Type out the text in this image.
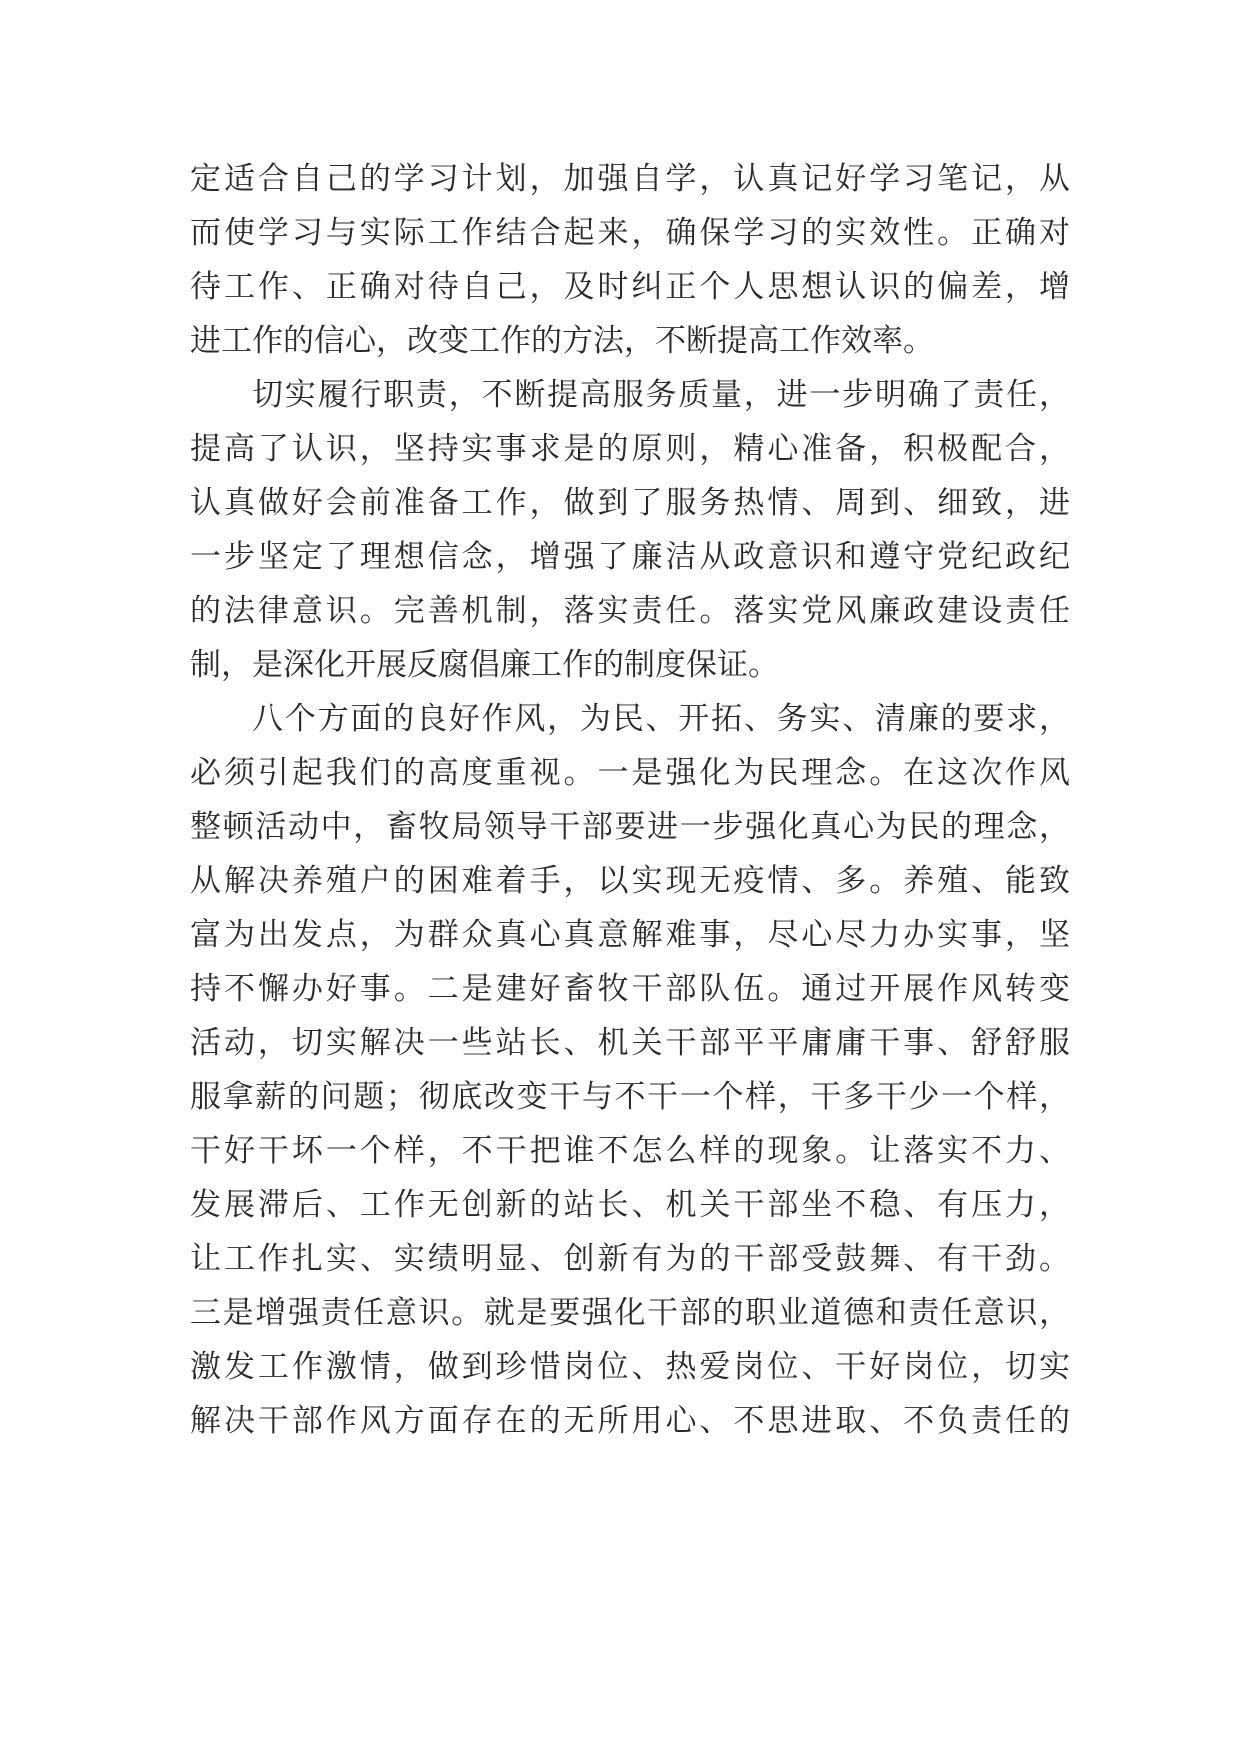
定适合自己的学习计划，加强自学，认真记好学习笔记，从
而使学习与实际工作结合起来，确保学习的实效性。正确对
待工作、正确对待自己，及时纠正个人思想认识的偏差，增
进工作的信心，改变工作的方法，不断提高工作效率。
切实履行职责，不断提高服务质量，进一步明确了责任，
提高了认识，坚持实事求是的原则，精心准备，积极配合，
认真做好会前准备工作，做到了服务热情、周到、细致，进
一步坚定了理想信念，增强了廉洁从政意识和遵守党纪政纪
的法律意识。完善机制，落实责任。落实党风廉政建设责任
制，是深化开展反腐倡廉工作的制度保证。
八个方面的良好作风，为民、开拓、务实、清廉的要求，
必须引起我们的高度重视。一是强化为民理念。在这次作风
整顿活动中，畜牧局领导干部要进一步强化真心为民的理念，
从解决养殖户的困难着手，以实现无疫情、多。养殖、能致
富为出发点，为群众真心真意解难事，尽心尽力办实事，坚
持不懈办好事。二是建好畜牧干部队伍。通过开展作风转变
活动，切实解决一些站长、机关干部平平庸庸干事、舒舒服
服拿薪的问题；彻底改变干与不干一个样，干多干少一个样，
干好干坏一个样，不干把谁不怎么样的现象。让落实不力、
发展滞后、工作无创新的站长、机关干部坐不稳、有压力，
让工作扎实、实绩明显、创新有为的干部受鼓舞、有干劲。
三是增强责任意识。就是要强化干部的职业道德和责任意识，
激发工作激情，做到珍惜岗位、热爱岗位、干好岗位，切实
解决干部作风方面存在的无所用心、不思进取、不负责任的
